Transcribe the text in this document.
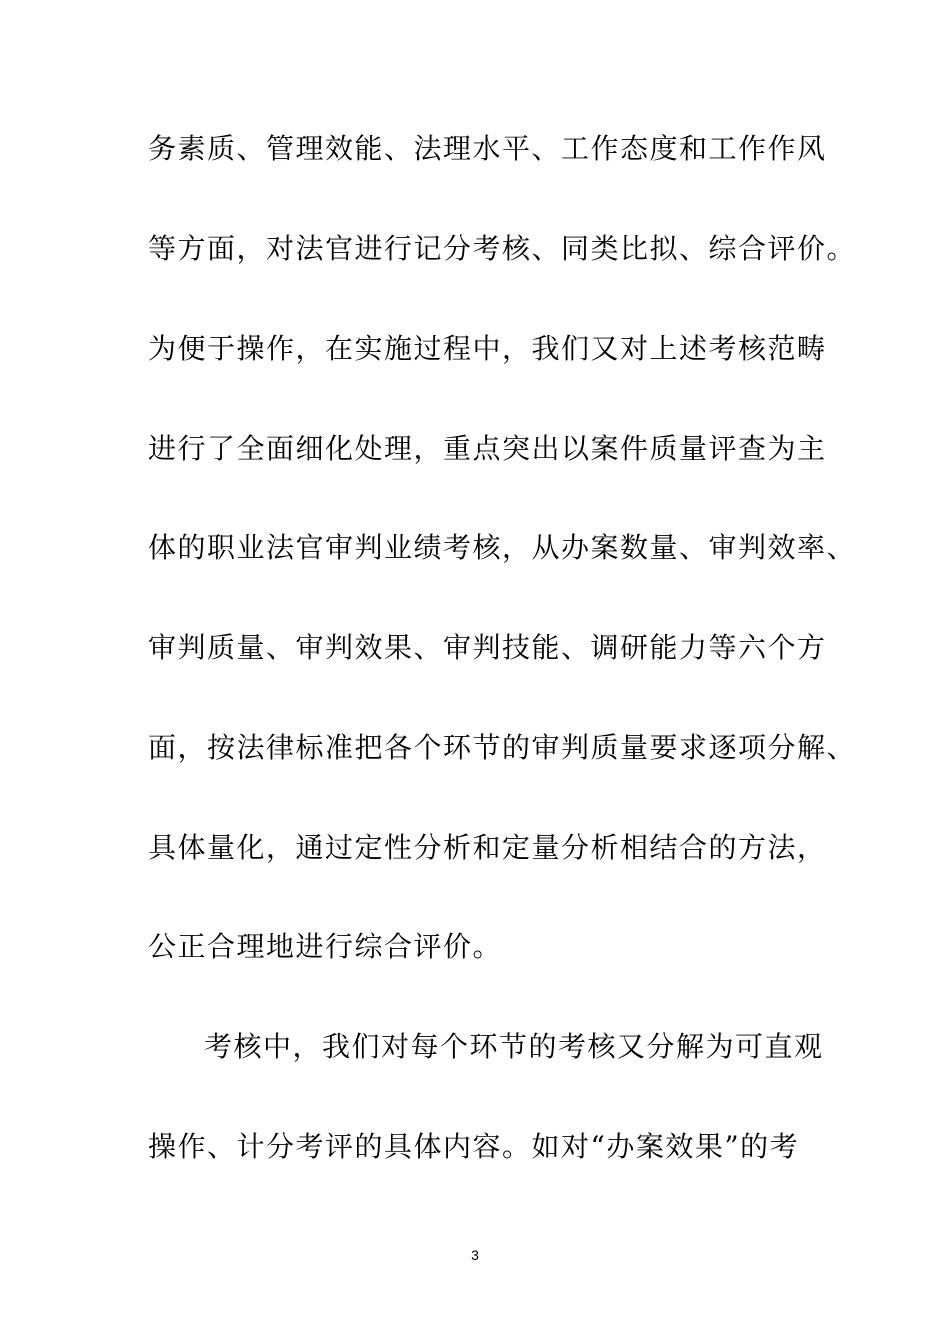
务素质、管理效能、法理水平、工作态度和工作作风
等方面，对法官进行记分考核、同类比拟、综合评价。
为便于操作，在实施过程中，我们又对上述考核范畴
进行了全面细化处理，重点突出以案件质量评查为主
体的职业法官审判业绩考核，从办案数量、审判效率、
审判质量、审判效果、审判技能、调研能力等六个方
面，按法律标准把各个环节的审判质量要求逐项分解、
具体量化，通过定性分析和定量分析相结合的方法，
公正合理地进行综合评价。
考核中，我们对每个环节的考核又分解为可直观
操作、计分考评的具体内容。如对“办案效果”的考
3
